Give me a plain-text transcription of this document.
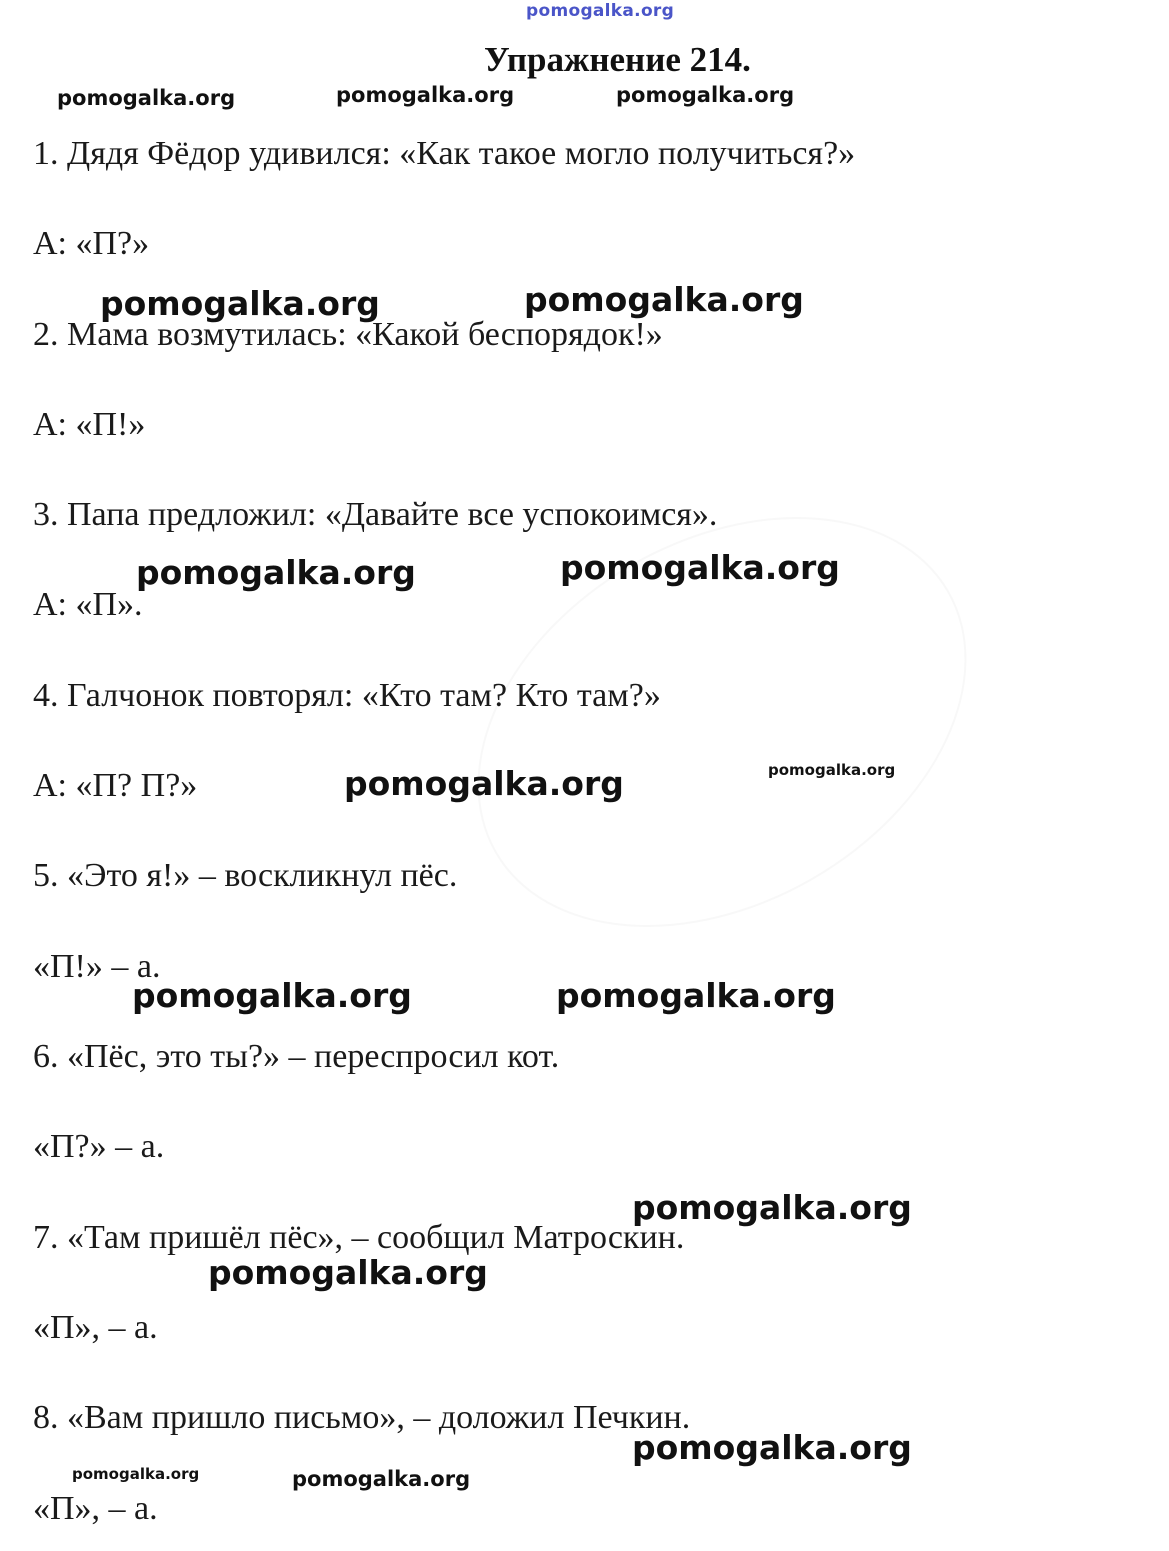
pomogalka.org
pomogalka.org	pomogalka.org	pomogalka.org
pomogalka.org	pomogalka.org
pomogalka.org	pomogalka.org
pomogalka.org	pomogalka.org
pomogalka.org	pomogalka.org
pomogalka.org
pomogalka.org
pomogalka.org
pomogalka.org	pomogalka.org
Упражнение 214.
1. Дядя Фёдор удивился: «Как такое могло получиться?»
А: «П?»
2. Мама возмутилась: «Какой беспорядок!»
А: «П!»
3. Папа предложил: «Давайте все успокоимся».
А: «П».
4. Галчонок повторял: «Кто там? Кто там?»
А: «П? П?»
5. «Это я!» – воскликнул пёс.
«П!» – а.
6. «Пёс, это ты?» – переспросил кот.
«П?» – а.
7. «Там пришёл пёс», – сообщил Матроскин.
«П», – а.
8. «Вам пришло письмо», – доложил Печкин.
«П», – а.
